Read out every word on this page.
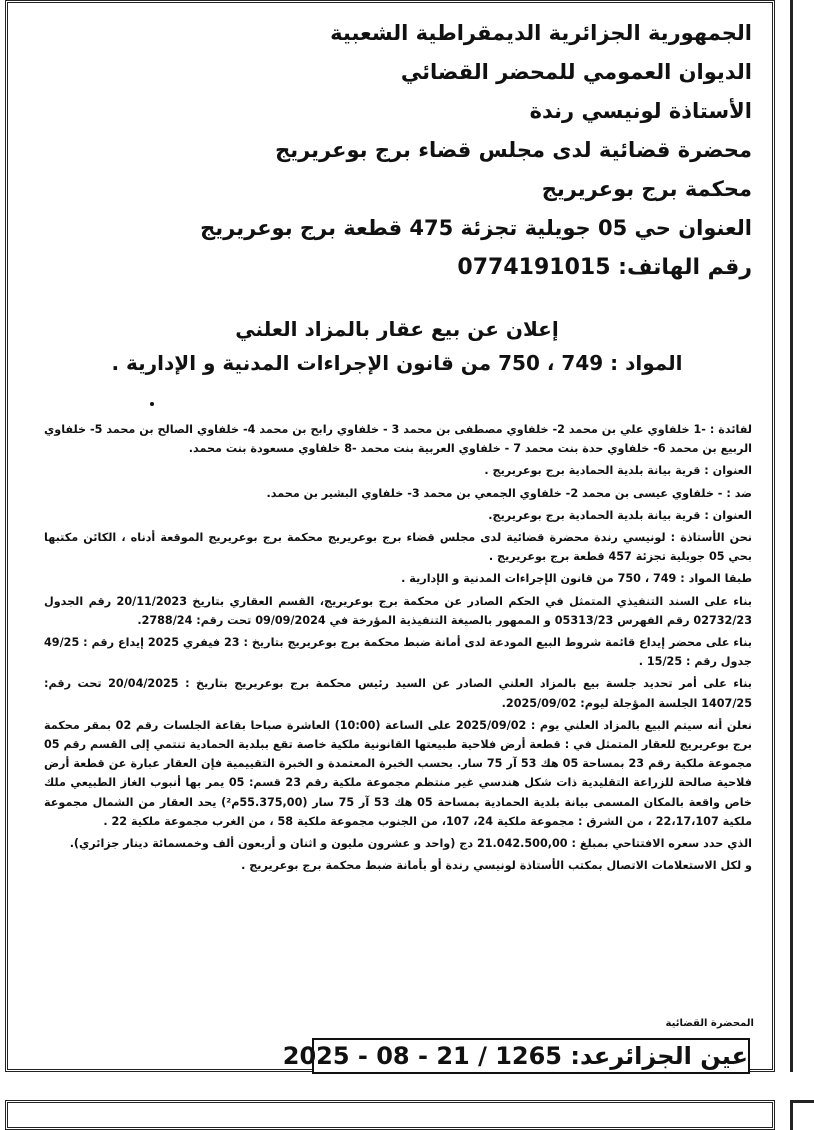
الجمهورية الجزائرية الديمقراطية الشعبية
الديوان العمومي للمحضر القضائي
الأستاذة لونيسي رندة
محضرة قضائية لدى مجلس قضاء برج بوعريريج
محكمة برج بوعريريج
العنوان حي 05 جويلية تجزئة 475 قطعة برج بوعريريج
رقم الهاتف: 0774191015
إعلان عن بيع عقار بالمزاد العلني
المواد : 749 ، 750 من قانون الإجراءات المدنية و الإدارية .

لفائدة : -1 خلفاوي علي بن محمد 2- خلفاوي مصطفى بن محمد 3 - خلفاوي رابح بن محمد 4- خلفاوي الصالح بن محمد 5- خلفاوي الربيع بن محمد 6- خلفاوي حدة بنت محمد 7 - خلفاوي العربية بنت محمد -8 خلفاوي مسعودة بنت محمد.

العنوان : قرية بيانة بلدية الحمادية برج بوعريريج .

ضد : - خلفاوي عيسى بن محمد 2- خلفاوي الجمعي بن محمد 3- خلفاوي البشير بن محمد.

العنوان : قرية بيانة بلدية الحمادية برج بوعريريج.

نحن الأستاذة : لونيسي رندة محضرة قضائية لدى مجلس قضاء برج بوعريريج محكمة برج بوعريريج الموقعة أدناه ، الكائن مكتبها بحي 05 جويلية تجزئة 457 قطعة برج بوعريريج .

طبقا المواد : 749 ، 750 من قانون الإجراءات المدنية و الإدارية .

بناء على السند التنفيذي المتمثل في الحكم الصادر عن محكمة برج بوعريريج، القسم العقاري بتاريخ 20/11/2023 رقم الجدول 02732/23 رقم الفهرس 05313/23 و الممهور بالصيغة التنفيذية المؤرخة في 09/09/2024 تحت رقم: 2788/24.

بناء على محضر إيداع قائمة شروط البيع المودعة لدى أمانة ضبط محكمة برج بوعريريج بتاريخ : 23 فيفري 2025 إيداع رقم : 49/25 جدول رقم : 15/25 .

بناء على أمر تحديد جلسة بيع بالمزاد العلني الصادر عن السيد رئيس محكمة برج بوعريريج بتاريخ : 20/04/2025 تحت رقم: 1407/25 الجلسة المؤجلة ليوم: 2025/09/02.

نعلن أنه سيتم البيع بالمزاد العلني يوم : 2025/09/02 على الساعة (10:00) العاشرة صباحا بقاعة الجلسات رقم 02 بمقر محكمة برج بوعريريج للعقار المتمثل في : قطعة أرض فلاحية طبيعتها القانونية ملكية خاصة تقع ببلدية الحمادية تنتمي إلى القسم رقم 05 مجموعة ملكية رقم 23 بمساحة 05 هك 53 آر 75 سار. بحسب الخبرة المعتمدة و الخبرة التقييمية فإن العقار عبارة عن قطعة أرض فلاحية صالحة للزراعة التقليدية ذات شكل هندسي غير منتظم مجموعة ملكية رقم 23 قسم: 05 يمر بها أنبوب الغاز الطبيعي ملك خاص واقعة بالمكان المسمى بيانة بلدية الحمادية بمساحة 05 هك 53 آر 75 سار (55.375,00م²) يحد العقار من الشمال مجموعة ملكية 22،17،107 ، من الشرق : مجموعة ملكية 24، 107، من الجنوب مجموعة ملكية 58 ، من الغرب مجموعة ملكية 22 .

الذي حدد سعره الافتتاحي بمبلغ : 21.042.500,00 دج (واحد و عشرون مليون و اثنان و أربعون ألف وخمسمائة دينار جزائري).

و لكل الاستعلامات الاتصال بمكتب الأستاذة لونيسي رندة أو بأمانة ضبط محكمة برج بوعريريج .

المحضرة القضائية
عين الجزائرعد: 1265 / 21 - 08 - 2025
